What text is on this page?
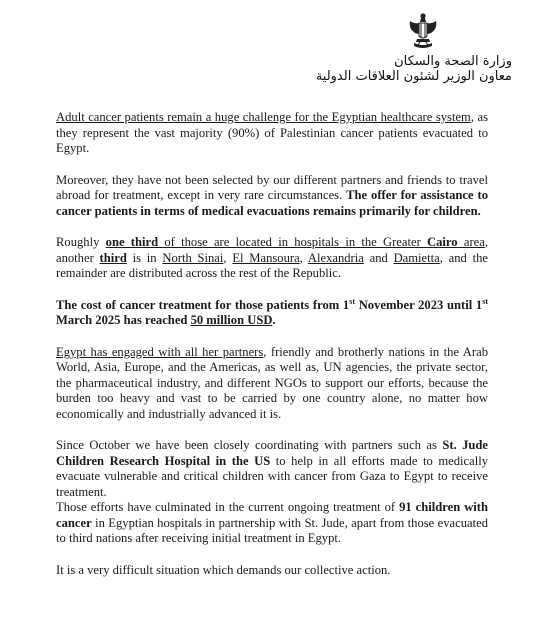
وزارة الصحة والسكان
معاون الوزير لشئون العلاقات الدولية

Adult cancer patients remain a huge challenge for the Egyptian healthcare system, as they represent the vast majority (90%) of Palestinian cancer patients evacuated to Egypt.

Moreover, they have not been selected by our different partners and friends to travel abroad for treatment, except in very rare circumstances. The offer for assistance to cancer patients in terms of medical evacuations remains primarily for children.

Roughly one third of those are located in hospitals in the Greater Cairo area, another third is in North Sinai, El Mansoura, Alexandria and Damietta, and the remainder are distributed across the rest of the Republic.

The cost of cancer treatment for those patients from 1st November 2023 until 1st March 2025 has reached 50 million USD.

Egypt has engaged with all her partners, friendly and brotherly nations in the Arab World, Asia, Europe, and the Americas, as well as, UN agencies, the private sector, the pharmaceutical industry, and different NGOs to support our efforts, because the burden too heavy and vast to be carried by one country alone, no matter how economically and industrially advanced it is.

Since October we have been closely coordinating with partners such as St. Jude Children Research Hospital in the US to help in all efforts made to medically evacuate vulnerable and critical children with cancer from Gaza to Egypt to receive treatment.

Those efforts have culminated in the current ongoing treatment of 91 children with cancer in Egyptian hospitals in partnership with St. Jude, apart from those evacuated to third nations after receiving initial treatment in Egypt.

It is a very difficult situation which demands our collective action.
